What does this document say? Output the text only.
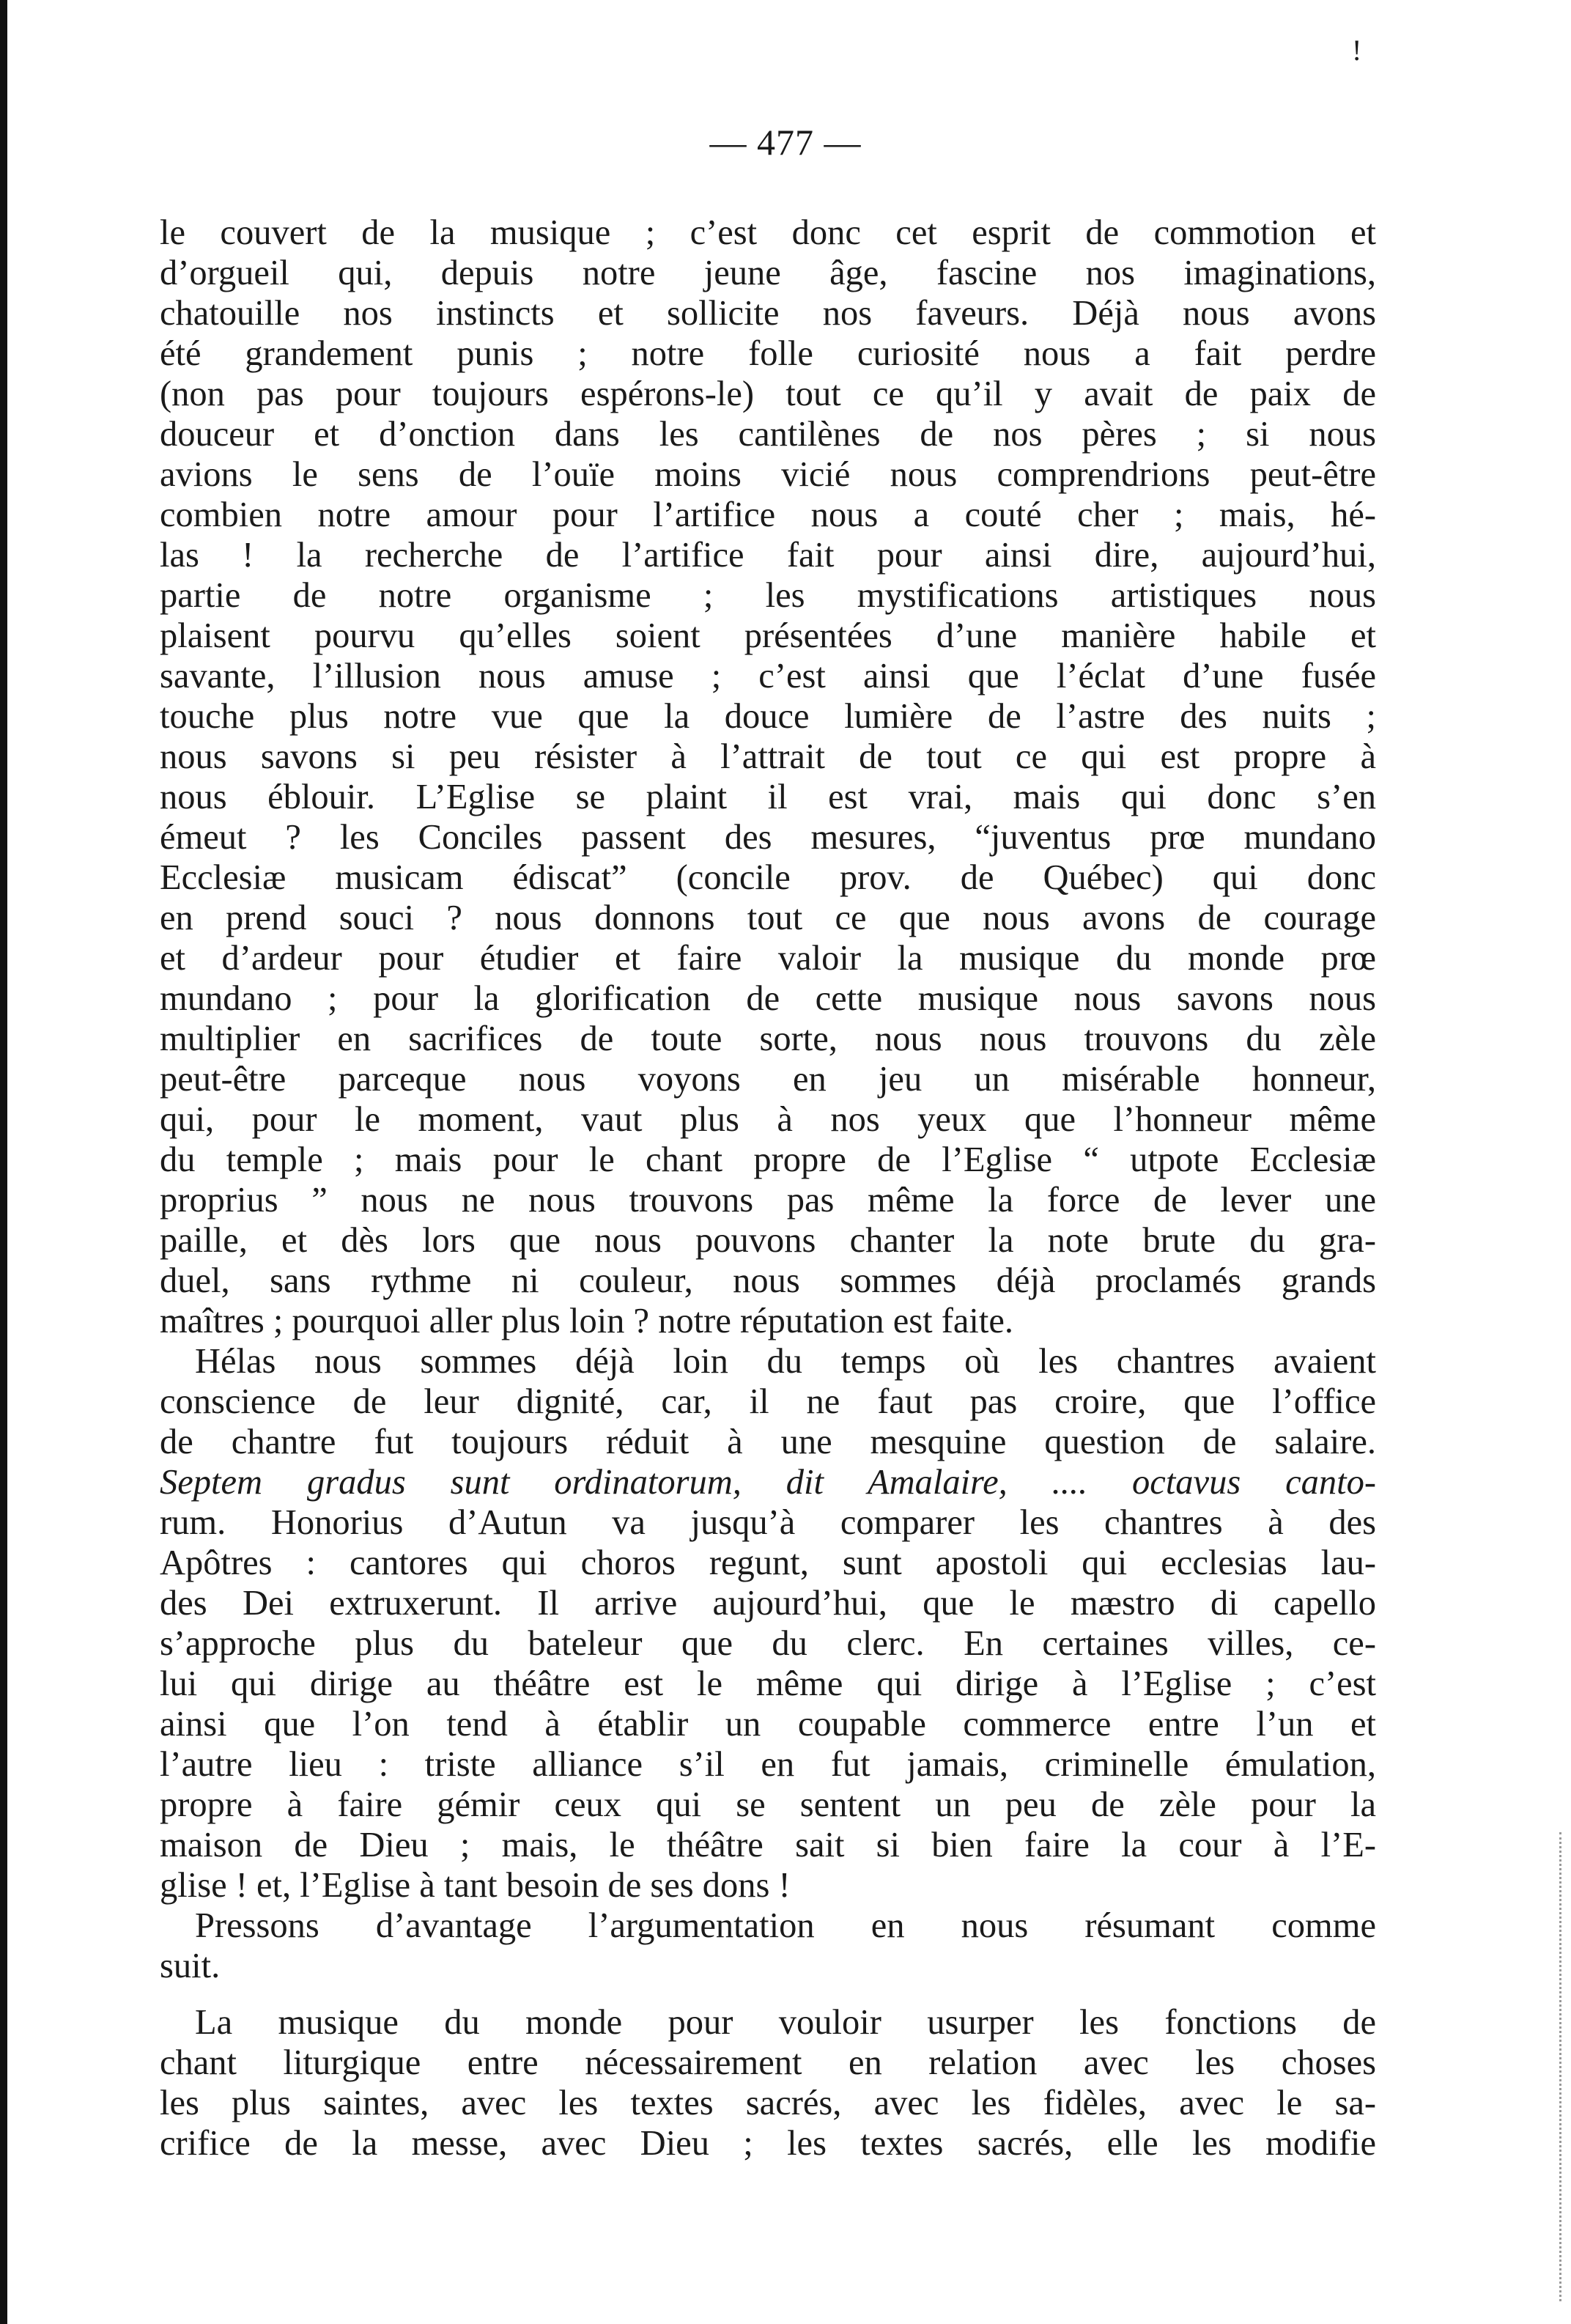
!
— 477 —
le couvert de la musique ; c’est donc cet esprit de commotion et
d’orgueil qui, depuis notre jeune âge, fascine nos imaginations,
chatouille nos instincts et sollicite nos faveurs. Déjà nous avons
été grandement punis ; notre folle curiosité nous a fait perdre
(non pas pour toujours espérons-le) tout ce qu’il y avait de paix de
douceur et d’onction dans les cantilènes de nos pères ; si nous
avions le sens de l’ouïe moins vicié nous comprendrions peut-être
combien notre amour pour l’artifice nous a couté cher ; mais, hé-
las ! la recherche de l’artifice fait pour ainsi dire, aujourd’hui,
partie de notre organisme ; les mystifications artistiques nous
plaisent pourvu qu’elles soient présentées d’une manière habile et
savante, l’illusion nous amuse ; c’est ainsi que l’éclat d’une fusée
touche plus notre vue que la douce lumière de l’astre des nuits ;
nous savons si peu résister à l’attrait de tout ce qui est propre à
nous éblouir. L’Eglise se plaint il est vrai, mais qui donc s’en
émeut ? les Conciles passent des mesures, “juventus prœ mundano
Ecclesiæ musicam édiscat” (concile prov. de Québec) qui donc
en prend souci ? nous donnons tout ce que nous avons de courage
et d’ardeur pour étudier et faire valoir la musique du monde prœ
mundano ; pour la glorification de cette musique nous savons nous
multiplier en sacrifices de toute sorte, nous nous trouvons du zèle
peut-être parceque nous voyons en jeu un misérable honneur,
qui, pour le moment, vaut plus à nos yeux que l’honneur même
du temple ; mais pour le chant propre de l’Eglise “ utpote Ecclesiæ
proprius ” nous ne nous trouvons pas même la force de lever une
paille, et dès lors que nous pouvons chanter la note brute du gra-
duel, sans rythme ni couleur, nous sommes déjà proclamés grands
maîtres ; pourquoi aller plus loin ? notre réputation est faite.
Hélas nous sommes déjà loin du temps où les chantres avaient
conscience de leur dignité, car, il ne faut pas croire, que l’office
de chantre fut toujours réduit à une mesquine question de salaire.
Septem gradus sunt ordinatorum, dit Amalaire, .... octavus canto-
rum. Honorius d’Autun va jusqu’à comparer les chantres à des
Apôtres : cantores qui choros regunt, sunt apostoli qui ecclesias lau-
des Dei extruxerunt. Il arrive aujourd’hui, que le mæstro di capello
s’approche plus du bateleur que du clerc. En certaines villes, ce-
lui qui dirige au théâtre est le même qui dirige à l’Eglise ; c’est
ainsi que l’on tend à établir un coupable commerce entre l’un et
l’autre lieu : triste alliance s’il en fut jamais, criminelle émulation,
propre à faire gémir ceux qui se sentent un peu de zèle pour la
maison de Dieu ; mais, le théâtre sait si bien faire la cour à l’E-
glise ! et, l’Eglise à tant besoin de ses dons !
Pressons d’avantage l’argumentation en nous résumant comme
suit.
La musique du monde pour vouloir usurper les fonctions de
chant liturgique entre nécessairement en relation avec les choses
les plus saintes, avec les textes sacrés, avec les fidèles, avec le sa-
crifice de la messe, avec Dieu ; les textes sacrés, elle les modifie
